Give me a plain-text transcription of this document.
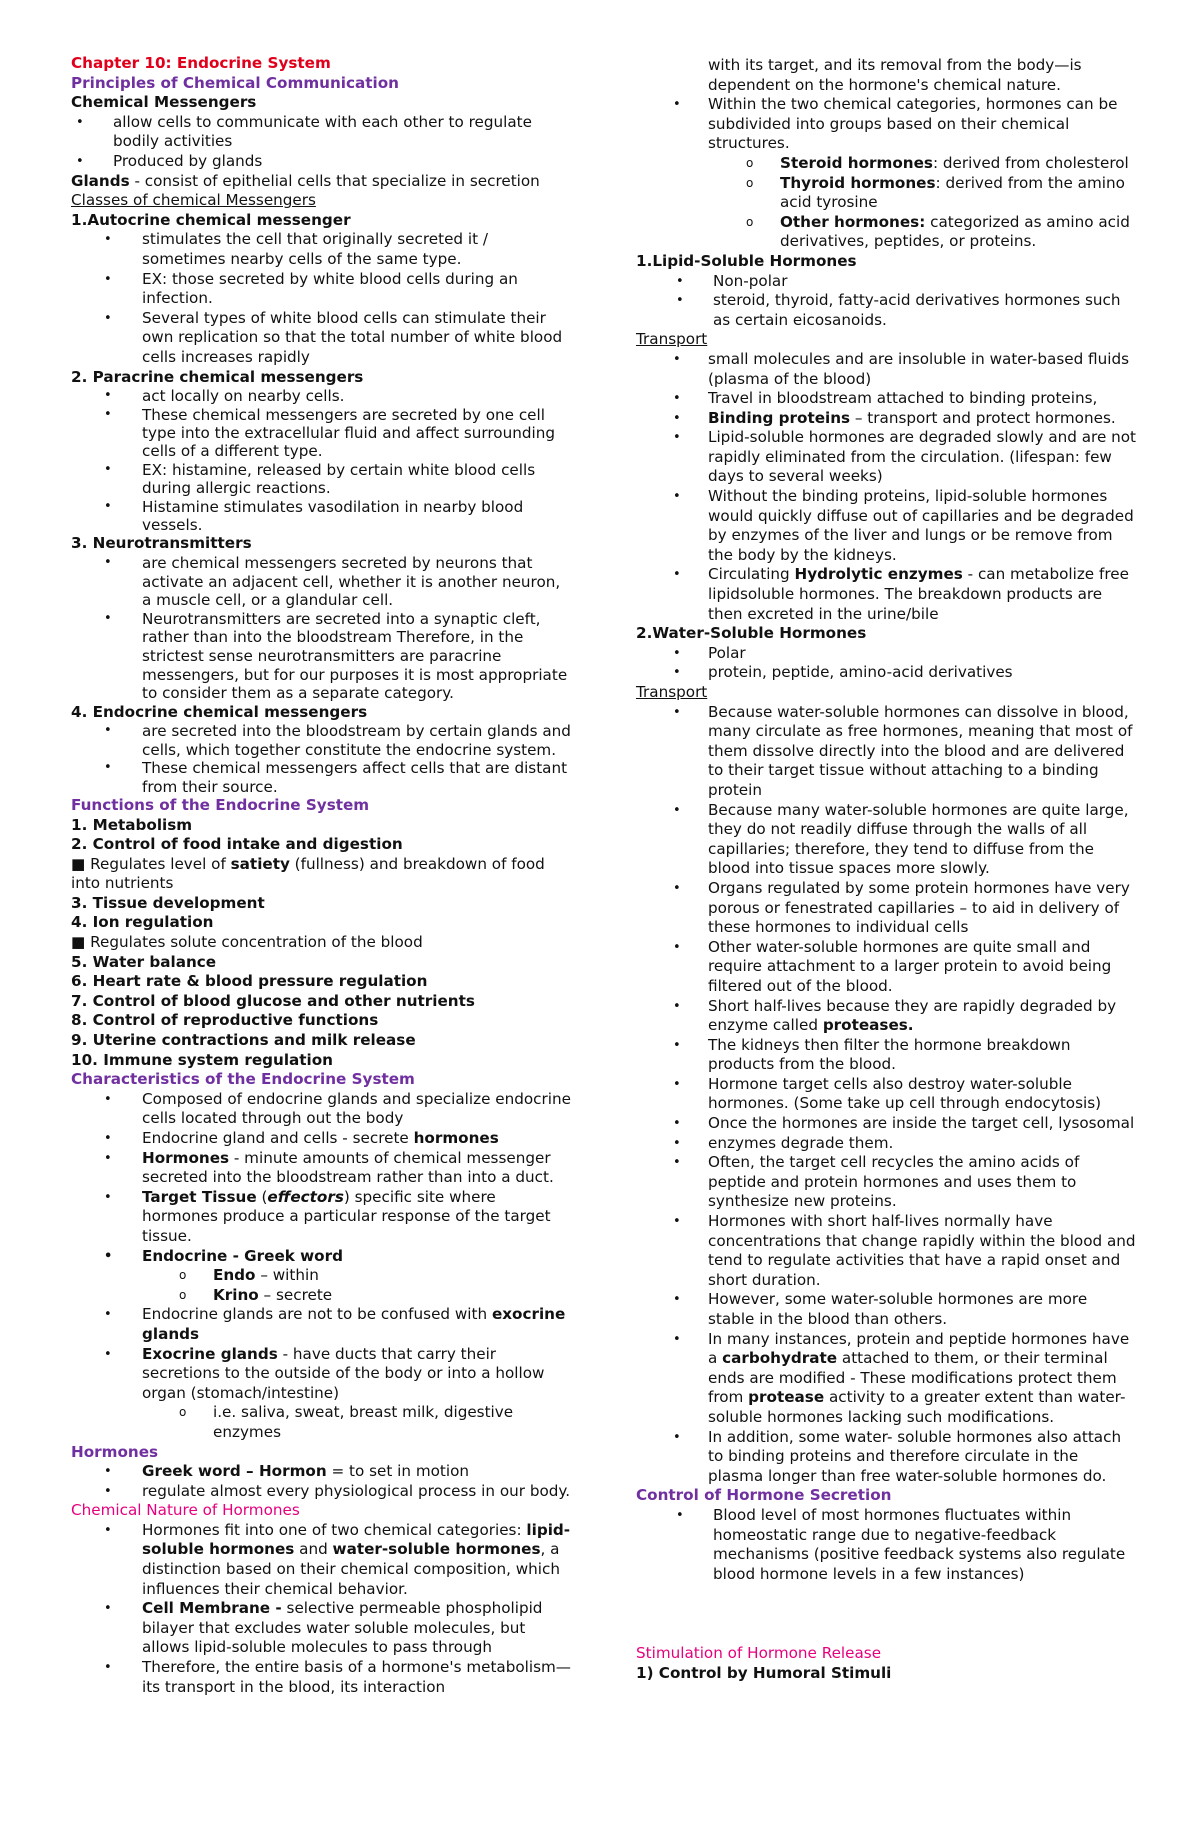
Chapter 10: Endocrine System

Principles of Chemical Communication

Chemical Messengers

• allow cells to communicate with each other to regulate bodily activities
• Produced by glands

Glands - consist of epithelial cells that specialize in secretion

Classes of chemical Messengers

1.Autocrine chemical messenger

• stimulates the cell that originally secreted it / sometimes nearby cells of the same type.
• EX: those secreted by white blood cells during an infection.
• Several types of white blood cells can stimulate their own replication so that the total number of white blood cells increases rapidly

2. Paracrine chemical messengers

• act locally on nearby cells.
• These chemical messengers are secreted by one cell type into the extracellular fluid and affect surrounding cells of a different type.
• EX: histamine, released by certain white blood cells during allergic reactions.
• Histamine stimulates vasodilation in nearby blood vessels.

3. Neurotransmitters

• are chemical messengers secreted by neurons that activate an adjacent cell, whether it is another neuron, a muscle cell, or a glandular cell.
• Neurotransmitters are secreted into a synaptic cleft, rather than into the bloodstream Therefore, in the strictest sense neurotransmitters are paracrine messengers, but for our purposes it is most appropriate to consider them as a separate category.

4. Endocrine chemical messengers

• are secreted into the bloodstream by certain glands and cells, which together constitute the endocrine system.
• These chemical messengers affect cells that are distant from their source.

Functions of the Endocrine System

1. Metabolism

2. Control of food intake and digestion

■ Regulates level of satiety (fullness) and breakdown of food into nutrients

3. Tissue development

4. Ion regulation

■ Regulates solute concentration of the blood

5. Water balance

6. Heart rate & blood pressure regulation

7. Control of blood glucose and other nutrients

8. Control of reproductive functions

9. Uterine contractions and milk release

10. Immune system regulation

Characteristics of the Endocrine System

• Composed of endocrine glands and specialize endocrine cells located through out the body
• Endocrine gland and cells - secrete hormones
• Hormones - minute amounts of chemical messenger secreted into the bloodstream rather than into a duct.
• Target Tissue (effectors) specific site where hormones produce a particular response of the target tissue.
• Endocrine - Greek word
o Endo – within
o Krino – secrete
• Endocrine glands are not to be confused with exocrine glands
• Exocrine glands - have ducts that carry their secretions to the outside of the body or into a hollow organ (stomach/intestine)
o i.e. saliva, sweat, breast milk, digestive enzymes

Hormones

• Greek word – Hormon = to set in motion
• regulate almost every physiological process in our body.

Chemical Nature of Hormones

• Hormones fit into one of two chemical categories: lipid-soluble hormones and water-soluble hormones, a distinction based on their chemical composition, which influences their chemical behavior.
• Cell Membrane - selective permeable phospholipid bilayer that excludes water soluble molecules, but allows lipid-soluble molecules to pass through
• Therefore, the entire basis of a hormone's metabolism—its transport in the blood, its interaction

with its target, and its removal from the body—is dependent on the hormone's chemical nature.

• Within the two chemical categories, hormones can be subdivided into groups based on their chemical structures.
o Steroid hormones: derived from cholesterol
o Thyroid hormones: derived from the amino acid tyrosine
o Other hormones: categorized as amino acid derivatives, peptides, or proteins.

1.Lipid-Soluble Hormones

• Non-polar
• steroid, thyroid, fatty-acid derivatives hormones such as certain eicosanoids.

Transport

• small molecules and are insoluble in water-based fluids (plasma of the blood)
• Travel in bloodstream attached to binding proteins,
• Binding proteins – transport and protect hormones.
• Lipid-soluble hormones are degraded slowly and are not rapidly eliminated from the circulation. (lifespan: few days to several weeks)
• Without the binding proteins, lipid-soluble hormones would quickly diffuse out of capillaries and be degraded by enzymes of the liver and lungs or be remove from the body by the kidneys.
• Circulating Hydrolytic enzymes - can metabolize free lipidsoluble hormones. The breakdown products are then excreted in the urine/bile

2.Water-Soluble Hormones

• Polar
• protein, peptide, amino-acid derivatives

Transport

• Because water-soluble hormones can dissolve in blood, many circulate as free hormones, meaning that most of them dissolve directly into the blood and are delivered to their target tissue without attaching to a binding protein
• Because many water-soluble hormones are quite large, they do not readily diffuse through the walls of all capillaries; therefore, they tend to diffuse from the blood into tissue spaces more slowly.
• Organs regulated by some protein hormones have very porous or fenestrated capillaries – to aid in delivery of these hormones to individual cells
• Other water-soluble hormones are quite small and require attachment to a larger protein to avoid being filtered out of the blood.
• Short half-lives because they are rapidly degraded by enzyme called proteases.
• The kidneys then filter the hormone breakdown products from the blood.
• Hormone target cells also destroy water-soluble hormones. (Some take up cell through endocytosis)
• Once the hormones are inside the target cell, lysosomal
• enzymes degrade them.
• Often, the target cell recycles the amino acids of peptide and protein hormones and uses them to synthesize new proteins.
• Hormones with short half-lives normally have concentrations that change rapidly within the blood and tend to regulate activities that have a rapid onset and short duration.
• However, some water-soluble hormones are more stable in the blood than others.
• In many instances, protein and peptide hormones have a carbohydrate attached to them, or their terminal ends are modified - These modifications protect them from protease activity to a greater extent than water-soluble hormones lacking such modifications.
• In addition, some water- soluble hormones also attach to binding proteins and therefore circulate in the plasma longer than free water-soluble hormones do.

Control of Hormone Secretion

• Blood level of most hormones fluctuates within homeostatic range due to negative-feedback mechanisms (positive feedback systems also regulate blood hormone levels in a few instances)

Stimulation of Hormone Release

1) Control by Humoral Stimuli
